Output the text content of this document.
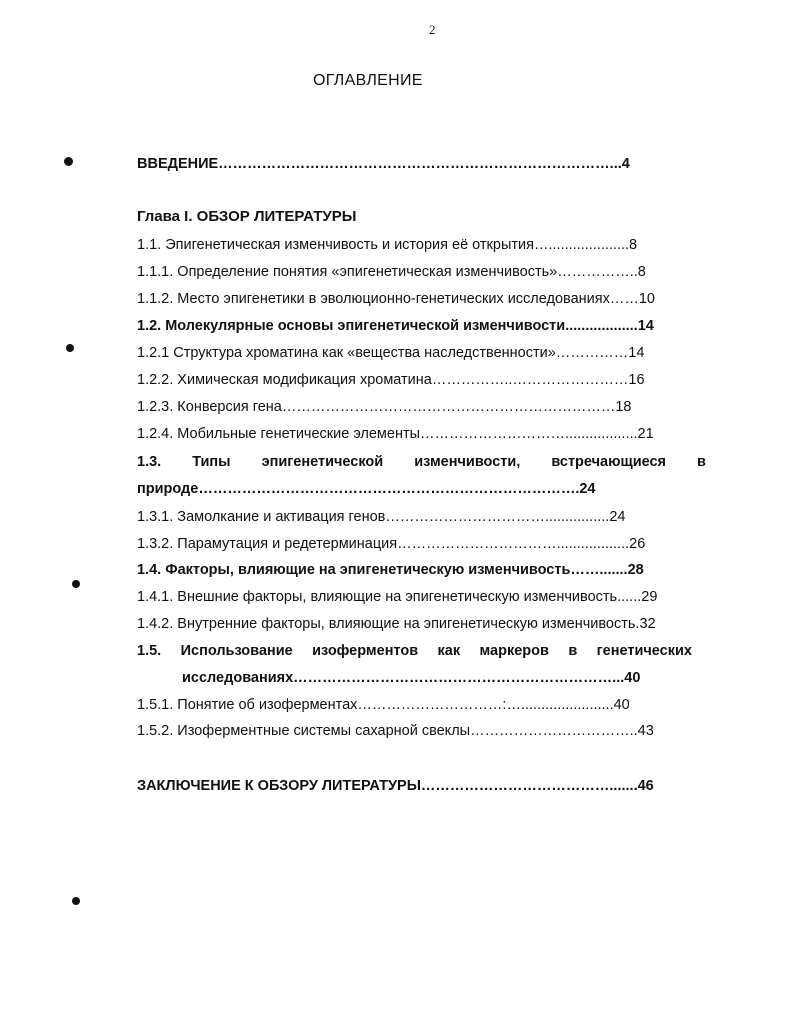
2
ОГЛАВЛЕНИЕ
ВВЕДЕНИЕ………………………………………………………………………...4
Глава I. ОБЗОР ЛИТЕРАТУРЫ
1.1. Эпигенетическая изменчивость и история её открытия…....................8
1.1.1. Определение понятия «эпигенетическая изменчивость»……………..8
1.1.2. Место эпигенетики в эволюционно-генетических исследованиях……10
1.2. Молекулярные основы эпигенетической изменчивости..................14
1.2.1 Структура хроматина как «вещества наследственности»……………14
1.2.2. Химическая модификация хроматина……………..……………………16
1.2.3. Конверсия гена……………………………………………………………18
1.2.4. Мобильные генетические элементы…………………………..................21
1.3. Типы эпигенетической изменчивости, встречающиеся в
природе…………………………………………………………………….24
1.3.1. Замолкание и активация генов……………………………................24
1.3.2. Парамутация и редетерминация……………………………..................26
1.4. Факторы, влияющие на эпигенетическую изменчивость…….......28
1.4.1. Внешние факторы, влияющие на эпигенетическую изменчивость......29
1.4.2. Внутренние факторы, влияющие на эпигенетическую изменчивость.32
1.5. Использование изоферментов как маркеров в генетических
исследованиях…………………………………………………………...40
1.5.1. Понятие об изоферментах…………………………:….......................40
1.5.2. Изоферментные системы сахарной свеклы……………………………..43
ЗАКЛЮЧЕНИЕ К ОБЗОРУ ЛИТЕРАТУРЫ………………………………….......46
